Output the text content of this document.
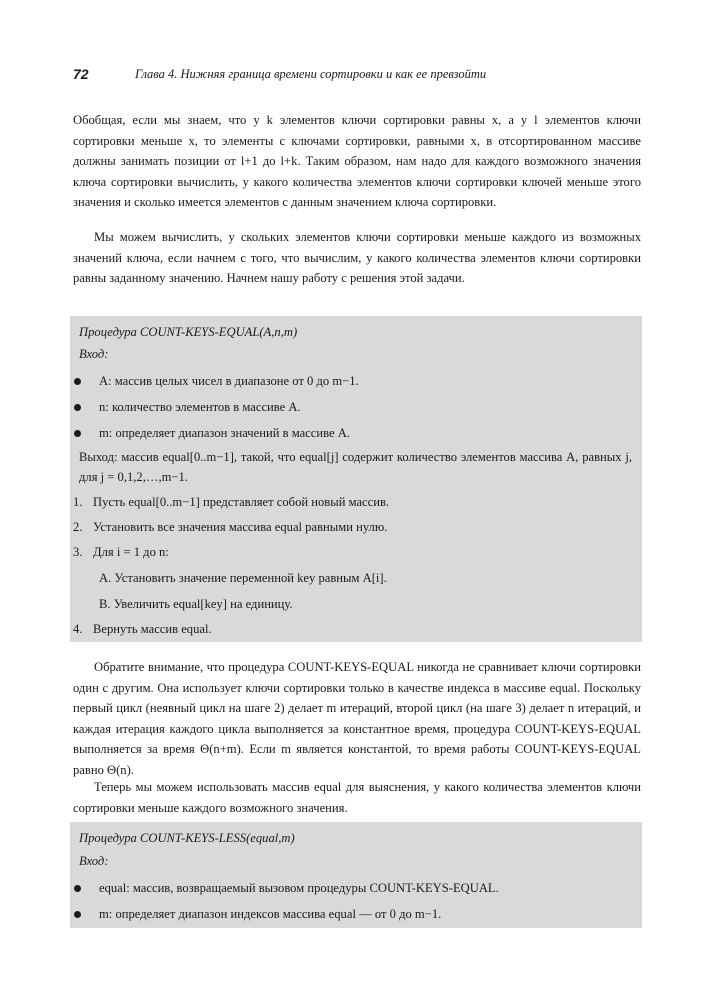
72	Глава 4. Нижняя граница времени сортировки и как ее превзойти

Обобщая, если мы знаем, что у k элементов ключи сортировки равны x, а у l элементов ключи сортировки меньше x, то элементы с ключами сортировки, равными x, в отсортированном массиве должны занимать позиции от l+1 до l+k. Таким образом, нам надо для каждого возможного значения ключа сортировки вычислить, у какого количества элементов ключи сортировки ключей меньше этого значения и сколько имеется элементов с данным значением ключа сортировки.

Мы можем вычислить, у скольких элементов ключи сортировки меньше каждого из возможных значений ключа, если начнем с того, что вычислим, у какого количества элементов ключи сортировки равны заданному значению. Начнем нашу работу с решения этой задачи.

Процедура COUNT-KEYS-EQUAL(A,n,m)
Вход:
A: массив целых чисел в диапазоне от 0 до m−1.
n: количество элементов в массиве A.
m: определяет диапазон значений в массиве A.
Выход: массив equal[0..m−1], такой, что equal[j] содержит количество элементов массива A, равных j, для j = 0,1,2,…,m−1.
1. Пусть equal[0..m−1] представляет собой новый массив.
2. Установить все значения массива equal равными нулю.
3. Для i = 1 до n:
A. Установить значение переменной key равным A[i].
B. Увеличить equal[key] на единицу.
4. Вернуть массив equal.

Обратите внимание, что процедура COUNT-KEYS-EQUAL никогда не сравнивает ключи сортировки один с другим. Она использует ключи сортировки только в качестве индекса в массиве equal. Поскольку первый цикл (неявный цикл на шаге 2) делает m итераций, второй цикл (на шаге 3) делает n итераций, и каждая итерация каждого цикла выполняется за константное время, процедура COUNT-KEYS-EQUAL выполняется за время Θ(n+m). Если m является константой, то время работы COUNT-KEYS-EQUAL равно Θ(n).

Теперь мы можем использовать массив equal для выяснения, у какого количества элементов ключи сортировки меньше каждого возможного значения.

Процедура COUNT-KEYS-LESS(equal,m)
Вход:
equal: массив, возвращаемый вызовом процедуры COUNT-KEYS-EQUAL.
m: определяет диапазон индексов массива equal — от 0 до m−1.
